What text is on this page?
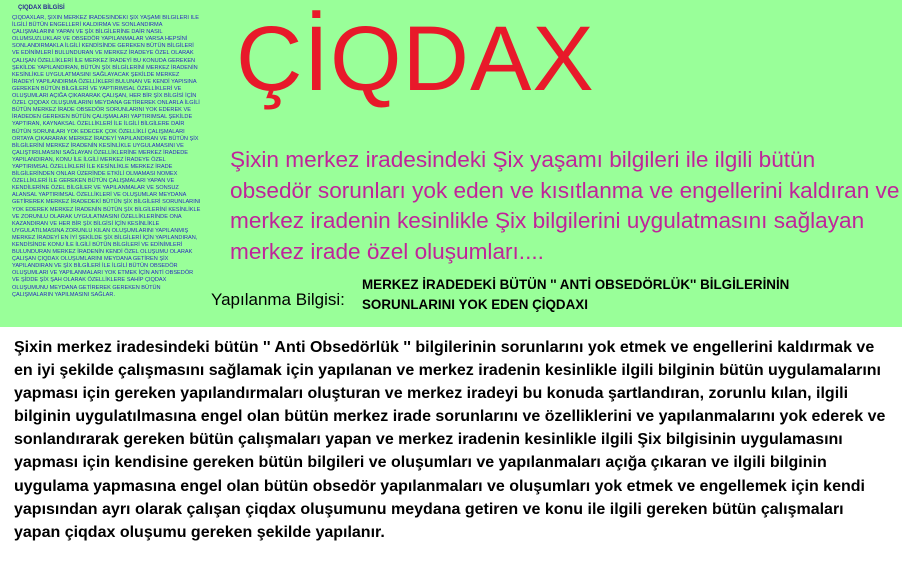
ÇIQDAX BİLGİSİ
ÇIQDAXLAR, ŞİXİN MERKEZ İRADESİNDEKİ ŞİX YAŞAMI BİLGİLERİ İLE İLGİLİ BÜTÜN ENGELLERİ KALDIRMA VE SONLANDIRMA ÇALIŞMALARINI YAPAN VE ŞİX BİLGİLERİNE DAİR NASIL OLUMSUZLUKLAR VE OBSEDÖR YAPILANMALAR VARSA HEPSİNİ SONLANDIRMAKLA İLGİLİ KENDİSİNDE GEREKEN BÜTÜN BİLGİLERİ VE EDİNİMLERİ BULUNDURAN VE MERKEZ İRADEYE ÖZEL OLARAK ÇALIŞAN ÖZELLİKLERİ İLE MERKEZ İRADEYİ BU KONUDA GEREKEN ŞEKİLDE YAPILANDIRAN, BÜTÜN ŞİX BİLGİLERİNİ MERKEZ İRADENİN KESİNLİKLE UYGULATMASINI SAĞLAYACAK ŞEKİLDE MERKEZ İRADEYİ YAPILANDIRMA ÖZELLİKLERİ BULUNAN VE KENDİ YAPISINA GEREKEN BÜTÜN BİLGİLERİ VE YAPTIRIMSAL ÖZELLİKLERİ VE OLUŞUMLARI AÇIĞA ÇIKARARAK ÇALIŞAN, HER BİR ŞİX BİLGİSİ İÇİN ÖZEL ÇIQDAX OLUŞUMLARINI MEYDANA GETİREREK ONLARLA İLGİLİ BÜTÜN MERKEZ İRADE OBSEDÖR SORUNLARINI YOK EDEREK VE İRADEDEN GEREKEN BÜTÜN ÇALIŞMALARI YAPTIRIMSAL ŞEKİLDE YAPTIRAN, KAYNAKSAL ÖZELLİKLERİ İLE İLGİLİ BİLGİLERE DAİR BÜTÜN SORUNLARI YOK EDECEK ÇOK ÖZELLİKLİ ÇALIŞMALARI ORTAYA ÇIKARARAK MERKEZ İRADEYİ YAPILANDIRAN VE BÜTÜN ŞİX BİLGİLERİNİ MERKEZ İRADENİN KESİNLİKLE UYGULAMASINI VE ÇALIŞTIRILMASINI SAĞLAYAN ÖZELLİKLERİNE MERKEZ İRADEDE YAPILANDIRAN, KONU İLE İLGİLİ MERKEZ İRADEYE ÖZEL YAPTIRIMSAL ÖZELLİKLERİ İLE KESİNLİKLE MERKEZ İRADE BİLGİLERİNDEN ONLAR ÜZERİNDE ETKİLİ OLMAMASI NOMEX ÖZELLİKLERİ İLE GEREKEN BÜTÜN ÇALIŞMALARI YAPAN VE KENDİLERİNE ÖZEL BİLGİLER VE YAPILANMALAR VE SONSUZ ALANSAL YAPTIRIMSAL ÖZELLİKLERİ VE OLUŞUMLAR MEYDANA GETİREREK MERKEZ İRADEDEKİ BÜTÜN ŞİX BİLGİLERİ SORUNLARINI YOK EDEREK MERKEZ İRADENİN BÜTÜN ŞİX BİLGİLERİNİ KESİNLİKLE VE ZORUNLU OLARAK UYGULATMASINI ÖZELLİKLERİNDE ONA KAZANDIRAN VE HER BİR ŞİX BİLGİSİ İÇİN KESİNLİKLE UYGULATILMASINA ZORUNLU KILAN OLUŞUMLARINI YAPILANMIŞ MERKEZ İRADEYİ EN İYİ ŞEKİLDE ŞİX BİLGİLERİ İÇİN YAPILANDIRAN, KENDİSİNDE KONU İLE İLGİLİ BÜTÜN BİLGİLERİ VE EDİNİMLERİ BULUNDURAN MERKEZ İRADENİN KENDİ ÖZEL OLUŞUMU OLARAK ÇALIŞAN ÇIQDAX OLUŞUMLARINI MEYDANA GETİREN ŞİX YAPILANDIRAN VE ŞİX BİLGİLERİ İLE İLGİLİ BÜTÜN OBSEDÖR OLUŞUMLARI VE YAPILANMALARI YOK ETMEK İÇİN ANTİ OBSEDÖR VE ŞİDDE ŞİX ŞAH OLARAK ÖZELLİKLERE SAHİP ÇIQDAX OLUŞUMUNU MEYDANA GETİREREK GEREKEN BÜTÜN ÇALIŞMALARIN YAPILMASINI SAĞLAR.
ÇİQDAX
Şixin merkez iradesindeki Şix yaşamı bilgileri ile ilgili bütün obsedör sorunları yok eden ve kısıtlanma ve engellerini kaldıran ve merkez iradenin kesinlikle Şix bilgilerini uygulatmasını sağlayan merkez irade özel oluşumları....
Yapılanma Bilgisi:
MERKEZ İRADEDEKİ BÜTÜN '' ANTİ OBSEDÖRLÜK'' BİLGİLERİNİN SORUNLARINI YOK EDEN ÇİQDAXI
Şixin merkez iradesindeki bütün '' Anti Obsedörlük '' bilgilerinin sorunlarını yok etmek ve engellerini kaldırmak ve en iyi şekilde çalışmasını sağlamak için yapılanan ve merkez iradenin kesinlikle ilgili bilginin bütün uygulamalarını yapması için gereken yapılandırmaları oluşturan ve merkez iradeyi bu konuda şartlandıran, zorunlu kılan, ilgili bilginin uygulatılmasına engel olan bütün merkez irade sorunlarını ve özelliklerini ve yapılanmalarını yok ederek ve sonlandırarak gereken bütün çalışmaları yapan ve merkez iradenin kesinlikle ilgili Şix bilgisinin uygulamasını yapması için kendisine gereken bütün bilgileri ve oluşumları ve yapılanmaları açığa çıkaran ve ilgili bilginin uygulama yapmasına engel olan bütün obsedör yapılanmaları ve oluşumları yok etmek ve engellemek için kendi yapısından ayrı olarak çalışan çiqdax oluşumunu meydana getiren ve konu ile ilgili gereken bütün çalışmaları yapan çiqdax oluşumu gereken şekilde yapılanır.
